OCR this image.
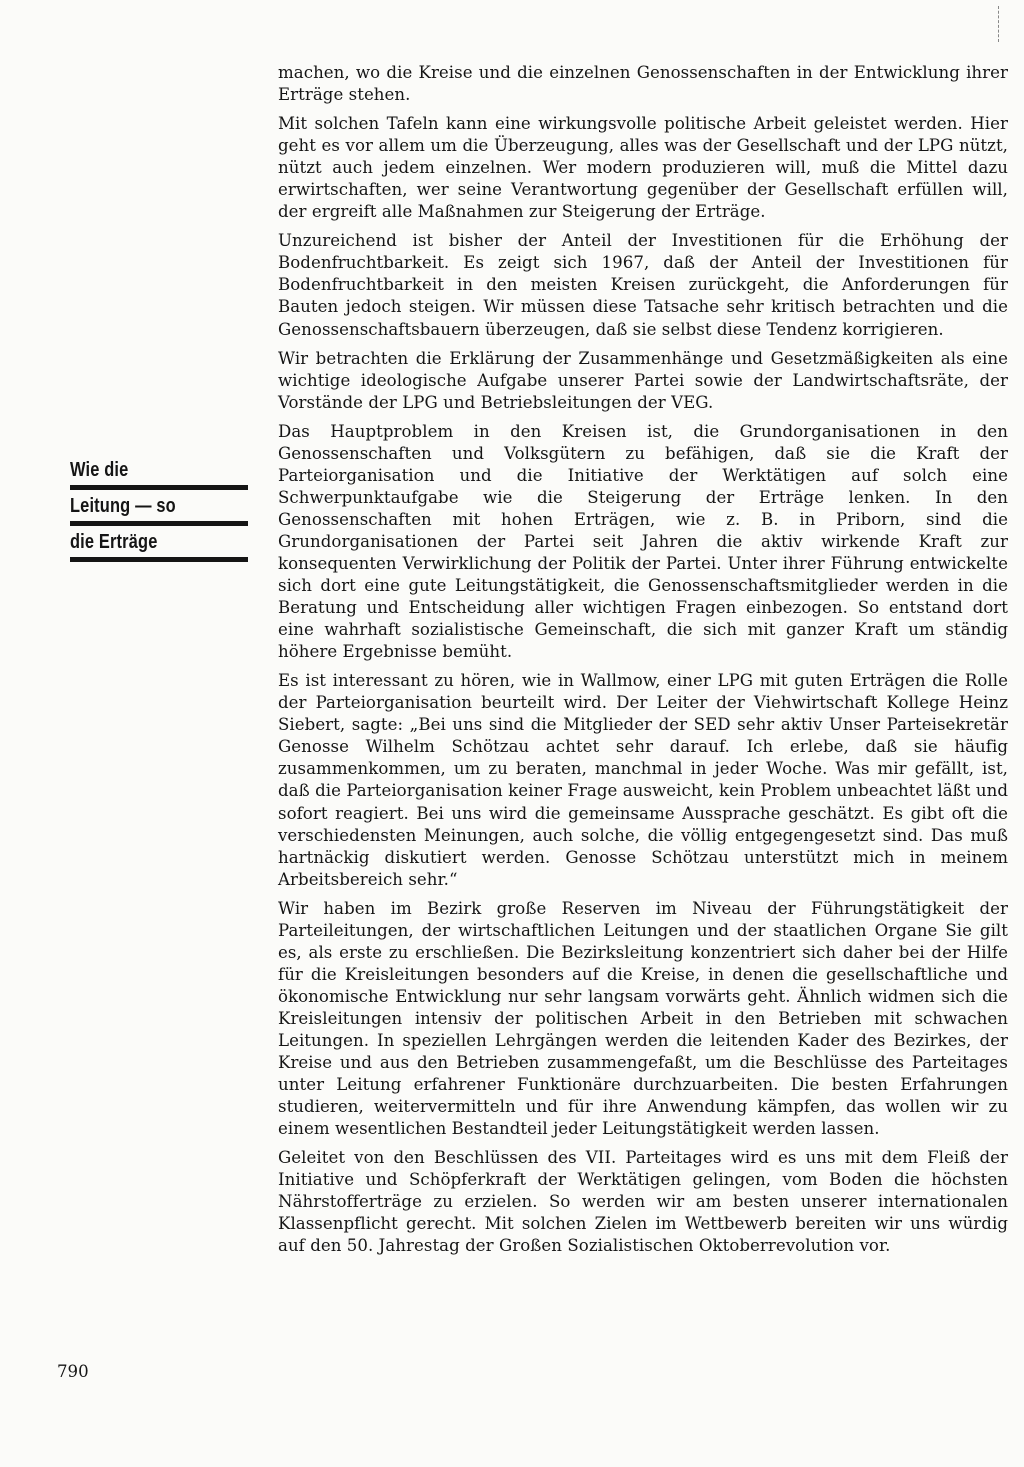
Wie die
Leitung — so
die Erträge

machen, wo die Kreise und die einzelnen Genossenschaften in der Entwicklung ihrer Erträge stehen.

Mit solchen Tafeln kann eine wirkungsvolle politische Arbeit geleistet werden. Hier geht es vor allem um die Überzeugung, alles was der Gesellschaft und der LPG nützt, nützt auch jedem einzelnen. Wer modern produzieren will, muß die Mittel dazu erwirtschaften, wer seine Verantwortung gegenüber der Gesellschaft erfüllen will, der ergreift alle Maßnahmen zur Steigerung der Erträge.

Unzureichend ist bisher der Anteil der Investitionen für die Erhöhung der Bodenfruchtbarkeit. Es zeigt sich 1967, daß der Anteil der Investitionen für Bodenfruchtbarkeit in den meisten Kreisen zurückgeht, die Anforderungen für Bauten jedoch steigen. Wir müssen diese Tatsache sehr kritisch betrachten und die Genossenschaftsbauern überzeugen, daß sie selbst diese Tendenz korrigieren.

Wir betrachten die Erklärung der Zusammenhänge und Gesetzmäßigkeiten als eine wichtige ideologische Aufgabe unserer Partei sowie der Landwirtschaftsräte, der Vorstände der LPG und Betriebsleitungen der VEG.

Das Hauptproblem in den Kreisen ist, die Grundorganisationen in den Genossenschaften und Volksgütern zu befähigen, daß sie die Kraft der Parteiorganisation und die Initiative der Werktätigen auf solch eine Schwerpunktaufgabe wie die Steigerung der Erträge lenken. In den Genossenschaften mit hohen Erträgen, wie z. B. in Priborn, sind die Grundorganisationen der Partei seit Jahren die aktiv wirkende Kraft zur konsequenten Verwirklichung der Politik der Partei. Unter ihrer Führung entwickelte sich dort eine gute Leitungstätigkeit, die Genossenschaftsmitglieder werden in die Beratung und Entscheidung aller wichtigen Fragen einbezogen. So entstand dort eine wahrhaft sozialistische Gemeinschaft, die sich mit ganzer Kraft um ständig höhere Ergebnisse bemüht.

Es ist interessant zu hören, wie in Wallmow, einer LPG mit guten Erträgen die Rolle der Parteiorganisation beurteilt wird. Der Leiter der Viehwirtschaft Kollege Heinz Siebert, sagte: „Bei uns sind die Mitglieder der SED sehr aktiv Unser Parteisekretär Genosse Wilhelm Schötzau achtet sehr darauf. Ich erlebe, daß sie häufig zusammenkommen, um zu beraten, manchmal in jeder Woche. Was mir gefällt, ist, daß die Parteiorganisation keiner Frage ausweicht, kein Problem unbeachtet läßt und sofort reagiert. Bei uns wird die gemeinsame Aussprache geschätzt. Es gibt oft die verschiedensten Meinungen, auch solche, die völlig entgegengesetzt sind. Das muß hartnäckig diskutiert werden. Genosse Schötzau unterstützt mich in meinem Arbeitsbereich sehr.“

Wir haben im Bezirk große Reserven im Niveau der Führungstätigkeit der Parteileitungen, der wirtschaftlichen Leitungen und der staatlichen Organe Sie gilt es, als erste zu erschließen. Die Bezirksleitung konzentriert sich daher bei der Hilfe für die Kreisleitungen besonders auf die Kreise, in denen die gesellschaftliche und ökonomische Entwicklung nur sehr langsam vorwärts geht. Ähnlich widmen sich die Kreisleitungen intensiv der politischen Arbeit in den Betrieben mit schwachen Leitungen. In speziellen Lehrgängen werden die leitenden Kader des Bezirkes, der Kreise und aus den Betrieben zusammengefaßt, um die Beschlüsse des Parteitages unter Leitung erfahrener Funktionäre durchzuarbeiten. Die besten Erfahrungen studieren, weitervermitteln und für ihre Anwendung kämpfen, das wollen wir zu einem wesentlichen Bestandteil jeder Leitungstätigkeit werden lassen.

Geleitet von den Beschlüssen des VII. Parteitages wird es uns mit dem Fleiß der Initiative und Schöpferkraft der Werktätigen gelingen, vom Boden die höchsten Nährstofferträge zu erzielen. So werden wir am besten unserer internationalen Klassenpflicht gerecht. Mit solchen Zielen im Wettbewerb bereiten wir uns würdig auf den 50. Jahrestag der Großen Sozialistischen Oktoberrevolution vor.

790
